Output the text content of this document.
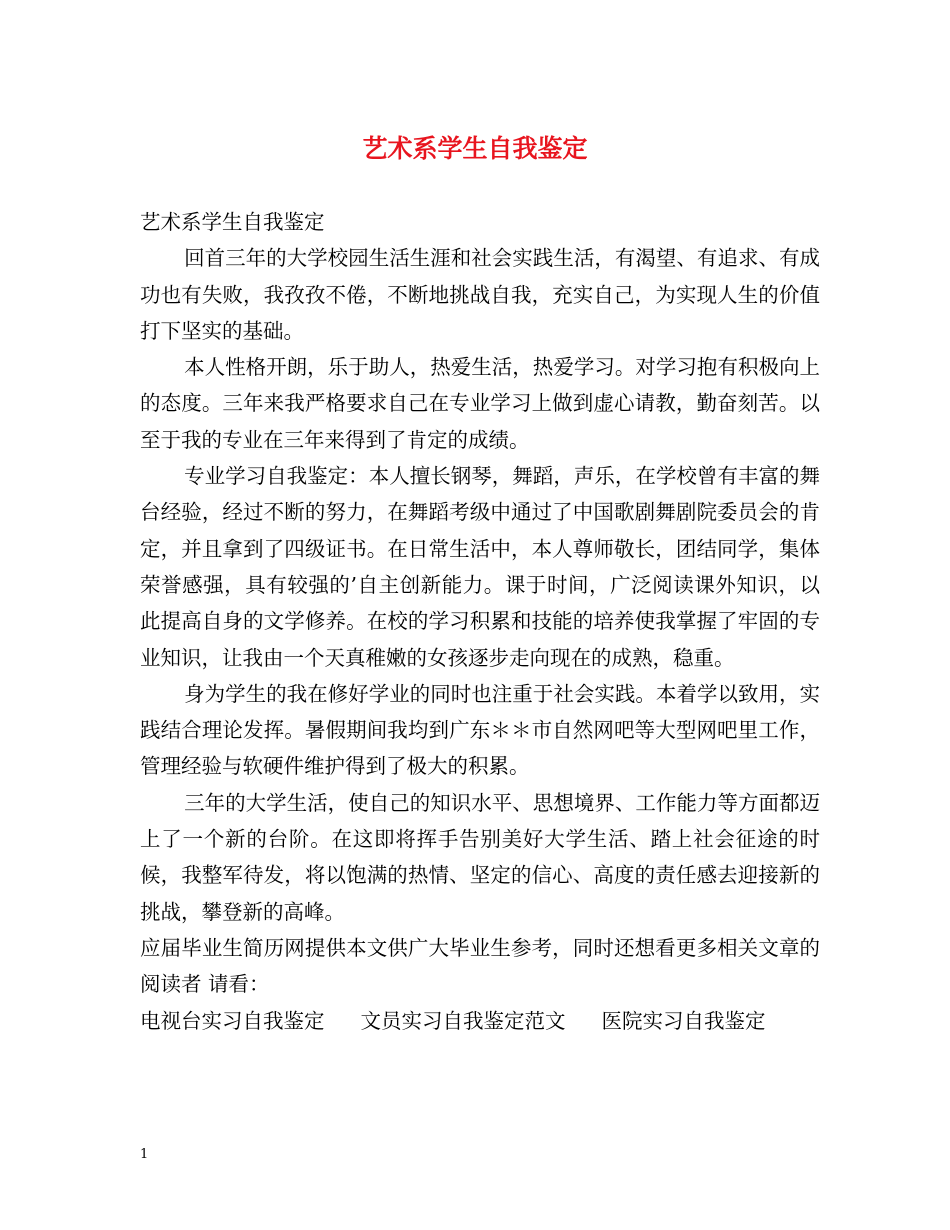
艺术系学生自我鉴定

艺术系学生自我鉴定

回首三年的大学校园生活生涯和社会实践生活，有渴望、有追求、有成功也有失败，我孜孜不倦，不断地挑战自我，充实自己，为实现人生的价值打下坚实的基础。

本人性格开朗，乐于助人，热爱生活，热爱学习。对学习抱有积极向上的态度。三年来我严格要求自己在专业学习上做到虚心请教，勤奋刻苦。以至于我的专业在三年来得到了肯定的成绩。

专业学习自我鉴定：本人擅长钢琴，舞蹈，声乐，在学校曾有丰富的舞台经验，经过不断的努力，在舞蹈考级中通过了中国歌剧舞剧院委员会的肯定，并且拿到了四级证书。在日常生活中，本人尊师敬长，团结同学，集体荣誉感强，具有较强的’自主创新能力。课于时间，广泛阅读课外知识，以此提高自身的文学修养。在校的学习积累和技能的培养使我掌握了牢固的专业知识，让我由一个天真稚嫩的女孩逐步走向现在的成熟，稳重。

身为学生的我在修好学业的同时也注重于社会实践。本着学以致用，实践结合理论发挥。暑假期间我均到广东＊＊市自然网吧等大型网吧里工作，管理经验与软硬件维护得到了极大的积累。

三年的大学生活，使自己的知识水平、思想境界、工作能力等方面都迈上了一个新的台阶。在这即将挥手告别美好大学生活、踏上社会征途的时候，我整军待发，将以饱满的热情、坚定的信心、高度的责任感去迎接新的挑战，攀登新的高峰。

应届毕业生简历网提供本文供广大毕业生参考，同时还想看更多相关文章的阅读者 请看：

电视台实习自我鉴定 文员实习自我鉴定范文 医院实习自我鉴定
1
